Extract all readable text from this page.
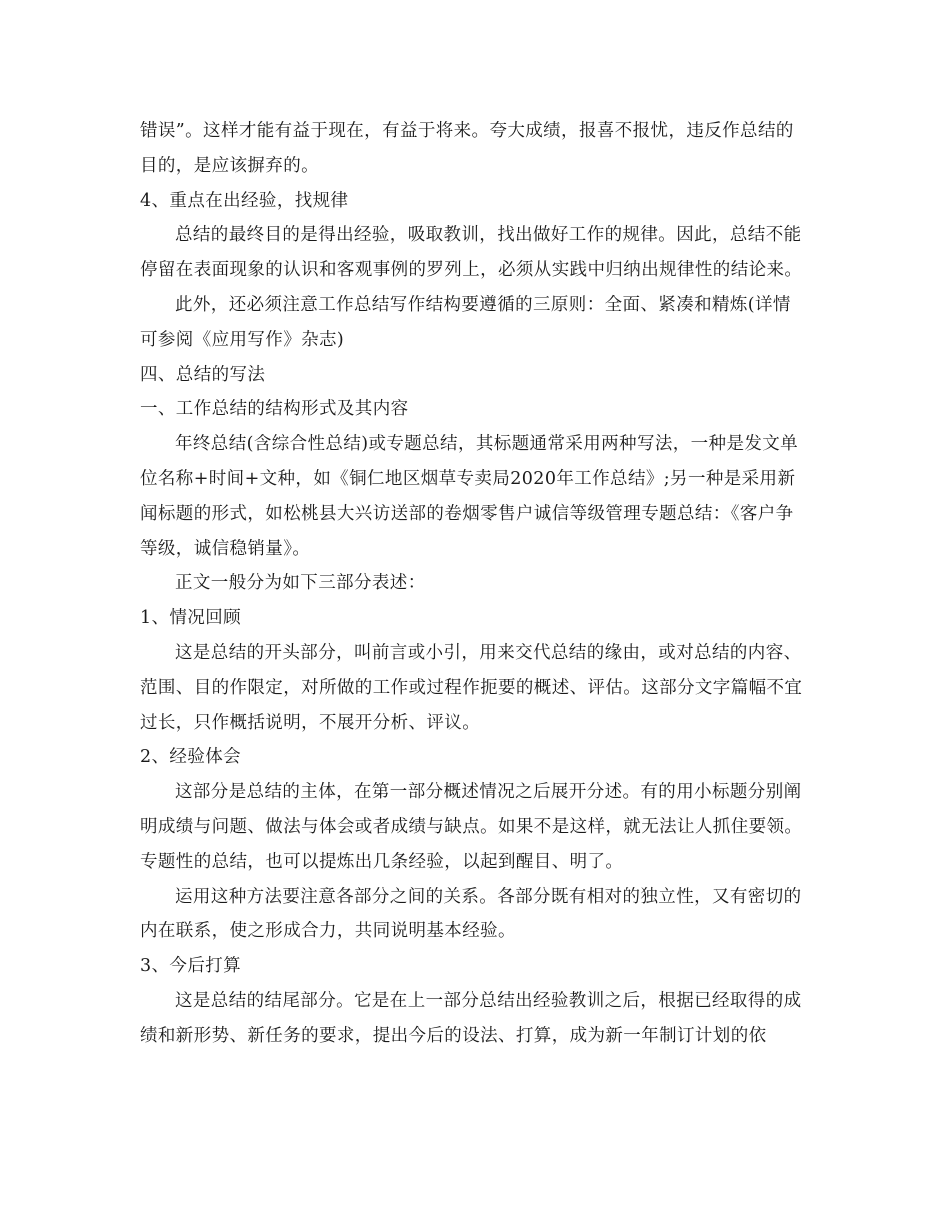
错误”。这样才能有益于现在，有益于将来。夸大成绩，报喜不报忧，违反作总结的目的，是应该摒弃的。

4、重点在出经验，找规律

总结的最终目的是得出经验，吸取教训，找出做好工作的规律。因此，总结不能停留在表面现象的认识和客观事例的罗列上，必须从实践中归纳出规律性的结论来。

此外，还必须注意工作总结写作结构要遵循的三原则：全面、紧凑和精炼(详情可参阅《应用写作》杂志)

四、总结的写法

一、工作总结的结构形式及其内容

年终总结(含综合性总结)或专题总结，其标题通常采用两种写法，一种是发文单位名称+时间+文种，如《铜仁地区烟草专卖局2020年工作总结》;另一种是采用新闻标题的形式，如松桃县大兴访送部的卷烟零售户诚信等级管理专题总结：《客户争等级，诚信稳销量》。

正文一般分为如下三部分表述：

1、情况回顾

这是总结的开头部分，叫前言或小引，用来交代总结的缘由，或对总结的内容、范围、目的作限定，对所做的工作或过程作扼要的概述、评估。这部分文字篇幅不宜过长，只作概括说明，不展开分析、评议。

2、经验体会

这部分是总结的主体，在第一部分概述情况之后展开分述。有的用小标题分别阐明成绩与问题、做法与体会或者成绩与缺点。如果不是这样，就无法让人抓住要领。专题性的总结，也可以提炼出几条经验，以起到醒目、明了。

运用这种方法要注意各部分之间的关系。各部分既有相对的独立性，又有密切的内在联系，使之形成合力，共同说明基本经验。

3、今后打算

这是总结的结尾部分。它是在上一部分总结出经验教训之后，根据已经取得的成绩和新形势、新任务的要求，提出今后的设法、打算，成为新一年制订计划的依
